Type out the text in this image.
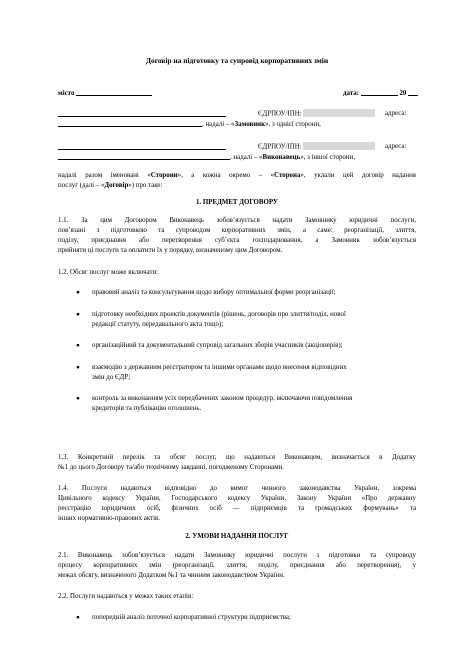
Договір на підготовку та супровід корпоративних змін
місто	дата:	20
ЄДРПОУ/ІПН:	адреса:
, надалі – «Замовник», з однієї сторони,
ЄДРПОУ/ІПН:	адреса:
, надалі – «Виконавець», з іншої сторони,
надалі разом іменовані «Сторони», а кожна окремо – «Сторона», уклали цей договір надання
послуг (далі – «Договір») про таке:
1. ПРЕДМЕТ ДОГОВОРУ
1.1. За цим Договором Виконавець зобов’язується надати Замовнику юридичні послуги,
пов’язані з підготовкою та супроводом корпоративних змін, а саме: реорганізації, злиття,
поділу, приєднання або перетворення суб’єкта господарювання, а Замовник зобов’язується
прийняти ці послуги та оплатити їх у порядку, визначеному цим Договором.
1.2. Обсяг послуг може включати:
● правовий аналіз та консультування щодо вибору оптимальної форми реорганізації;
● підготовку необхідних проектів документів (рішень, договорів про злиття/поділ, нової
редакції статуту, передавального акта тощо);
● організаційний та документальний супровід загальних зборів учасників (акціонерів);
● взаємодію з державним реєстратором та іншими органами щодо внесення відповідних
змін до ЄДР;
● контроль за виконанням усіх передбачених законом процедур, включаючи повідомлення
кредиторів та публікацію оголошень.
1.3. Конкретний перелік та обсяг послуг, що надаються Виконавцем, визначається в Додатку
№1 до цього Договору та/або технічному завданні, погодженому Сторонами.
1.4. Послуги надаються відповідно до вимог чинного законодавства України, зокрема
Цивільного кодексу України, Господарського кодексу України, Закону України «Про державну
реєстрацію юридичних осіб, фізичних осіб — підприємців та громадських формувань» та
інших нормативно-правових актів.
2. УМОВИ НАДАННЯ ПОСЛУГ
2.1. Виконавець зобов’язується надати Замовнику юридичні послуги з підготовки та супроводу
процесу корпоративних змін (реорганізації, злиття, поділу, приєднання або перетворення), у
межах обсягу, визначеного Додатком №1 та чинним законодавством України.
2.2. Послуги надаються у межах таких етапів:
● попередній аналіз поточної корпоративної структури підприємства;
